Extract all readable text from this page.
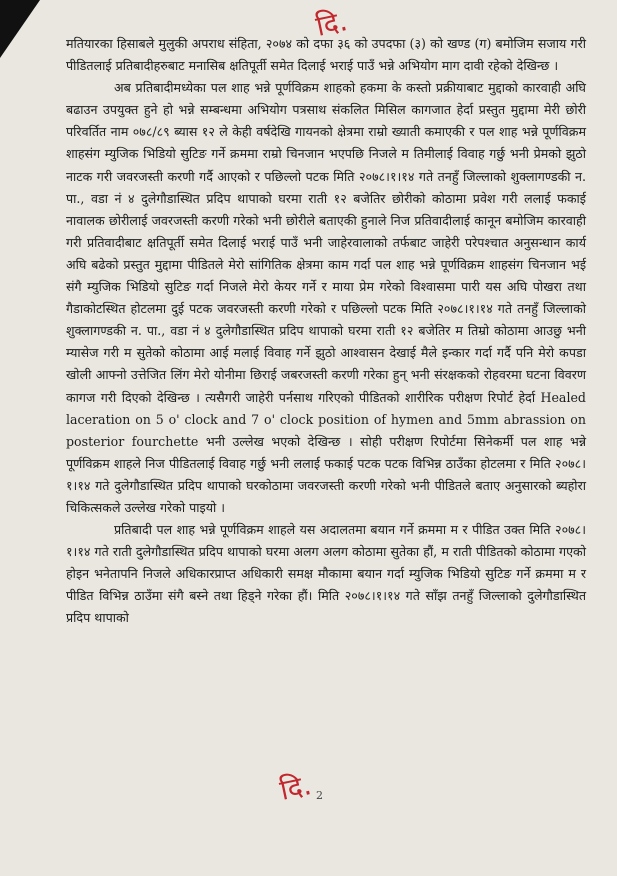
दि.

मतियारका हिसाबले मुलुकी अपराध संहिता, २०७४ को दफा ३६ को उपदफा (३) को खण्ड (ग) बमोजिम सजाय गरी पीडितलाई प्रतिबादीहरुबाट मनासिब क्षतिपूर्ती समेत दिलाई भराई पाउँ भन्ने अभियोग माग दावी रहेको देखिन्छ ।

अब प्रतिबादीमध्येका पल शाह भन्ने पूर्णविक्रम शाहको हकमा के कस्तो प्रक्रीयाबाट मुद्दाको कारवाही अघि बढाउन उपयुक्त हुने हो भन्ने सम्बन्धमा अभियोग पत्रसाथ संकलित मिसिल कागजात हेर्दा प्रस्तुत मुद्दामा मेरी छोरी परिवर्तित नाम ०७८/८९ ब्यास १२ ले केही वर्षदेखि गायनको क्षेत्रमा राम्रो ख्याती कमाएकी र पल शाह भन्ने पूर्णविक्रम शाहसंग म्युजिक भिडियो सुटिङ गर्ने क्रममा राम्रो चिनजान भएपछि निजले म तिमीलाई विवाह गर्छु भनी प्रेमको झुठो नाटक गरी जवरजस्ती करणी गर्दै आएको र पछिल्लो पटक मिति २०७८।१।१४ गते तनहुँ जिल्लाको शुक्लागण्डकी न. पा., वडा नं ४ दुलेगौडास्थित प्रदिप थापाको घरमा राती १२ बजेतिर छोरीको कोठामा प्रवेश गरी ललाई फकाई नावालक छोरीलाई जवरजस्ती करणी गरेको भनी छोरीले बताएकी हुनाले निज प्रतिवादीलाई कानून बमोजिम कारवाही गरी प्रतिवादीबाट क्षतिपूर्ती समेत दिलाई भराई पाउँ भनी जाहेरवालाको तर्फबाट जाहेरी परेपश्चात अनुसन्धान कार्य अघि बढेको प्रस्तुत मुद्दामा पीडितले मेरो सांगितिक क्षेत्रमा काम गर्दा पल शाह भन्ने पूर्णविक्रम शाहसंग चिनजान भई संगै म्युजिक भिडियो सुटिङ गर्दा निजले मेरो केयर गर्ने र माया प्रेम गरेको विश्वासमा पारी यस अघि पोखरा तथा गैडाकोटस्थित होटलमा दुई पटक जवरजस्ती करणी गरेको र पछिल्लो पटक मिति २०७८।१।१४ गते तनहुँ जिल्लाको शुक्लागण्डकी न. पा., वडा नं ४ दुलेगौडास्थित प्रदिप थापाको घरमा राती १२ बजेतिर म तिम्रो कोठामा आउछु भनी म्यासेज गरी म सुतेको कोठामा आई मलाई विवाह गर्ने झुठो आश्वासन देखाई मैले इन्कार गर्दा गर्दै पनि मेरो कपडा खोली आफ्नो उत्तेजित लिंग मेरो योनीमा छिराई जबरजस्ती करणी गरेका हुन् भनी संरक्षकको रोहवरमा घटना विवरण कागज गरी दिएको देखिन्छ । त्यसैगरी जाहेरी पर्नसाथ गरिएको पीडितको शारीरिक परीक्षण रिपोर्ट हेर्दा Healed laceration on 5 o' clock and 7 o' clock position of hymen and 5mm abrassion on posterior fourchette भनी उल्लेख भएको देखिन्छ । सोही परीक्षण रिपोर्टमा सिनेकर्मी पल शाह भन्ने पूर्णविक्रम शाहले निज पीडितलाई विवाह गर्छु भनी ललाई फकाई पटक पटक विभिन्न ठाउँका होटलमा र मिति २०७८।१।१४ गते दुलेगौडास्थित प्रदिप थापाको घरकोठामा जवरजस्ती करणी गरेको भनी पीडितले बताए अनुसारको ब्यहोरा चिकित्सकले उल्लेख गरेको पाइयो ।

प्रतिबादी पल शाह भन्ने पूर्णविक्रम शाहले यस अदालतमा बयान गर्ने क्रममा म र पीडित उक्त मिति २०७८।१।१४ गते राती दुलेगौडास्थित प्रदिप थापाको घरमा अलग अलग कोठामा सुतेका हौं, म राती पीडितको कोठामा गएको होइन भनेतापनि निजले अधिकारप्राप्त अधिकारी समक्ष मौकामा बयान गर्दा म्युजिक भिडियो सुटिङ गर्ने क्रममा म र पीडित विभिन्न ठाउँमा संगै बस्ने तथा हिड्ने गरेका हौं। मिति २०७८।१।१४ गते साँझ तनहुँ जिल्लाको दुलेगौडास्थित प्रदिप थापाको

दि. 2
